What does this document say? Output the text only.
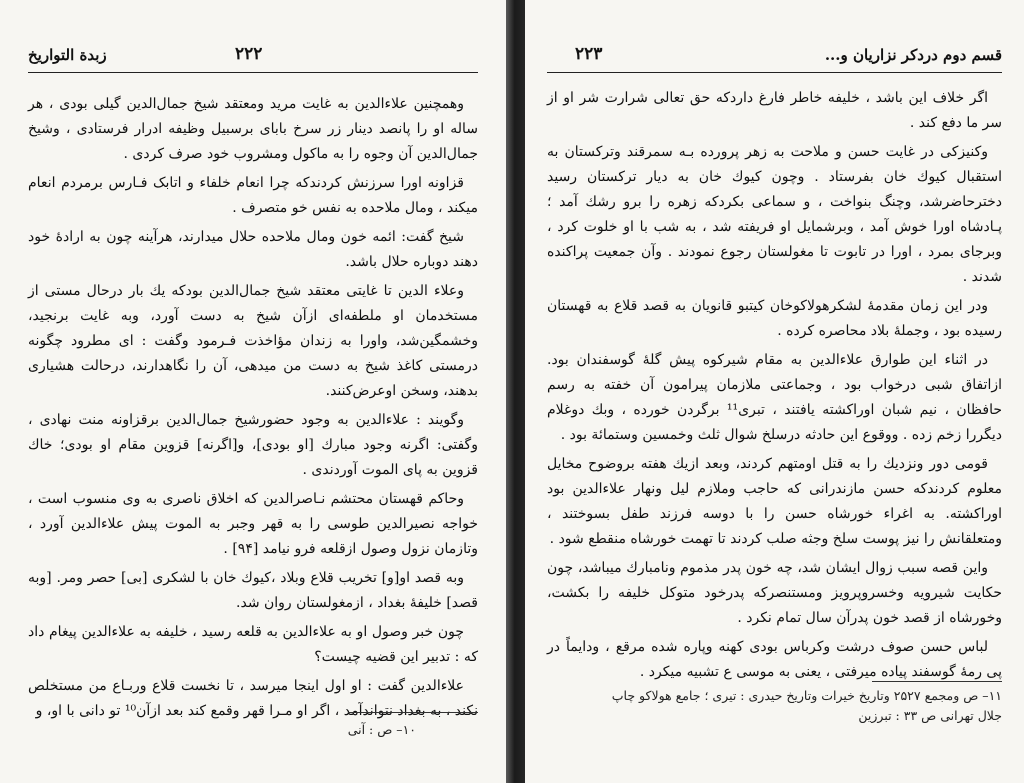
زبدة التواريخ	۲۲۲

وهمچنین علاءالدین به غایت مرید ومعتقد شیخ جمال‌الدین گیلی بودی ، هر ساله او را پانصد دینار زر سرخ بابای برسبیل وظیفه ادرار فرستادی ، وشیخ جمال‌الدین آن وجوه را به ماکول ومشروب خود صرف کردی .

قزاونه اورا سرزنش کردندکه چرا انعام خلفاء و اتابک فـارس برمردم انعام میکند ، ومال ملاحده به نفس خو متصرف .

شیخ گفت: ائمه خون ومال ملاحده حلال میدارند، هرآینه چون به ارادهٔ خود دهند دوباره حلال باشد.

وعلاء الدین تا غایتی معتقد شیخ جمال‌الدین بودکه یك بار درحال مستی از مستخدمان او ملطفه‌ای ازآن شیخ به دست آورد، وبه غایت برنجید، وخشمگین‌شد، واورا به زندان مؤاخذت فـرمود وگفت : ای مطرود چگونه درمستی کاغذ شیخ به دست من میدهی، آن را نگاهدارند، درحالت هشیاری بدهند، وسخن اوعرض‌کنند.

وگویند : علاءالدین به وجود حضورشیخ جمال‌الدین برقزاونه منت نهادی ، وگفتی: اگرنه وجود مبارك [او بودی]، و[اگرنه] قزوین مقام او بودی؛ خاك قزوین به پای الموت آوردندی .

وحاکم قهستان محتشم نـاصرالدین که اخلاق ناصری به وی منسوب است ، خواجه نصیرالدین طوسی را به قهر وجبر به الموت پیش علاءالدین آورد ، وتازمان نزول وصول ازقلعه فرو نیامد [۹۴] .

وبه قصد او[و] تخریب قلاع وبلاد ،کیوك خان با لشکری [بی] حصر ومر. [وبه قصد] خلیفهٔ بغداد ، ازمغولستان روان شد.

چون خبر وصول او به علاءالدین به قلعه رسید ، خلیفه به علاءالدین پیغام داد که : تدبیر این قضیه چیست؟

علاءالدین گفت : او اول اینجا میرسد ، تا نخست قلاع وربـاع من مستخلص نکند ، به بغداد نتواندآمد ، اگر او مـرا قهر وقمع کند بعد ازآن¹⁰ تو دانی با او، و

۱۰– ص : آنی
قسم دوم دردکر نزاریان و...
۲۲۳

اگر خلاف این باشد ، خلیفه خاطر فارغ داردکه حق تعالی شرارت شر او از سر ما دفع کند .

وکنیزکی در غایت حسن و ملاحت به زهر پرورده بـه سمرقند وترکستان به استقبال کیوك خان بفرستاد . وچون کیوك خان به دیار ترکستان رسید دخترحاضرشد، وچنگ بنواخت ، و سماعی بکردکه زهره را برو رشك آمد ؛ پـادشاه اورا خوش آمد ، وبرشمایل او فریفته شد ، به شب با او خلوت کرد ، وبرجای بمرد ، اورا در تابوت تا مغولستان رجوع نمودند . وآن جمعیت پراکنده شدند .

ودر این زمان مقدمهٔ لشکرهولاکوخان کیتبو قانویان به قصد قلاع به قهستان رسیده بود ، وجملهٔ بلاد محاصره کرده .

در اثناء این طوارق علاءالدین به مقام شیرکوه پیش گلهٔ گوسفندان بود. ازاتفاق شبی درخواب بود ، وجماعتی ملازمان پیرامون آن خفته به رسم حافظان ، نیم شبان اوراکشته یافتند ، تبری¹¹ برگردن خورده ، وبك دوغلام دیگررا زخم زده . ووقوع این حادثه درسلخ شوال ثلث وخمسین وستمائة بود .

قومی دور ونزدیك را به قتل اومتهم کردند، وبعد ازیك هفته بروضوح مخایل معلوم کردندکه حسن مازندرانی که حاجب وملازم لیل ونهار علاءالدین بود اوراکشته. به اغراء خورشاه حسن را با دوسه فرزند طفل بسوختند ، ومتعلقانش را نیز پوست سلخ وجثه صلب کردند تا تهمت خورشاه منقطع شود .

واین قصه سبب زوال ایشان شد، چه خون پدر مذموم ونامبارك میباشد، چون حکایت شیرویه وخسروپرویز ومستنصرکه پدرخود متوکل خلیفه را بکشت، وخورشاه از قصد خون پدرآن سال تمام نکرد .

لباس حسن صوف درشت وکرباس بودی کهنه وپاره شده مرقع ، ودایماً در پی رمهٔ گوسفند پیاده میرفتی ، یعنی به موسی ع تشبیه میکرد .

۱۱– ص ومجمع ۲۵۲۷ وتاریخ خیرات وتاریخ حیدری : تیری ؛ جامع هولاکو چاپ
جلال تهرانی ص ۳۳ : تبرزین
